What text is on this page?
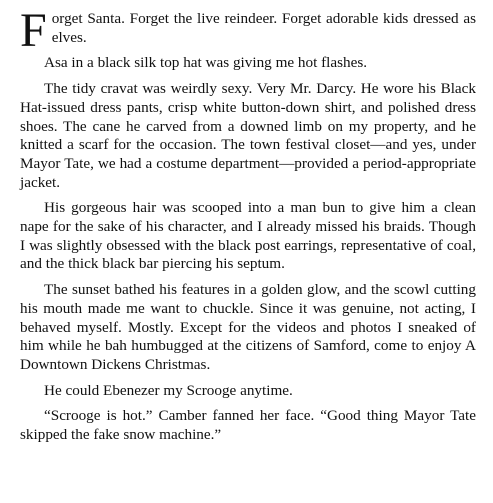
Forget Santa. Forget the live reindeer. Forget adorable kids dressed as elves.

Asa in a black silk top hat was giving me hot flashes.

The tidy cravat was weirdly sexy. Very Mr. Darcy. He wore his Black Hat-issued dress pants, crisp white button-down shirt, and polished dress shoes. The cane he carved from a downed limb on my property, and he knitted a scarf for the occasion. The town festival closet—and yes, under Mayor Tate, we had a costume department—provided a period-appropriate jacket.

His gorgeous hair was scooped into a man bun to give him a clean nape for the sake of his character, and I already missed his braids. Though I was slightly obsessed with the black post earrings, representative of coal, and the thick black bar piercing his septum.

The sunset bathed his features in a golden glow, and the scowl cutting his mouth made me want to chuckle. Since it was genuine, not acting, I behaved myself. Mostly. Except for the videos and photos I sneaked of him while he bah humbugged at the citizens of Samford, come to enjoy A Downtown Dickens Christmas.

He could Ebenezer my Scrooge anytime.

“Scrooge is hot.” Camber fanned her face. “Good thing Mayor Tate skipped the fake snow machine.”
